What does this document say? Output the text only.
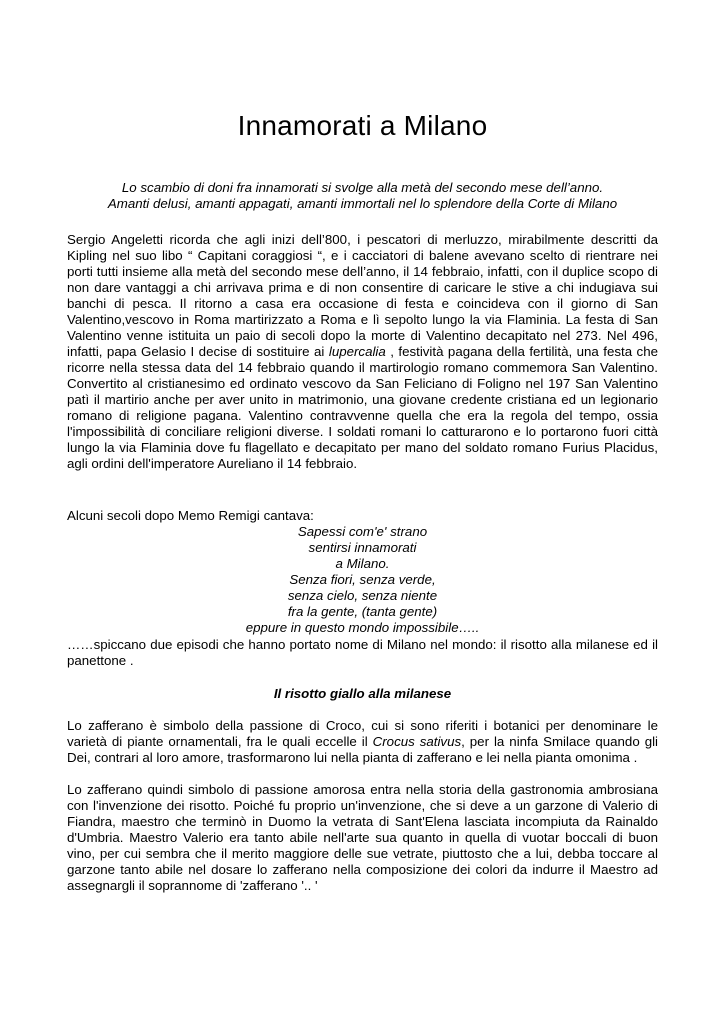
Innamorati a Milano

Lo scambio di doni fra innamorati si svolge alla metà del secondo mese dell’anno.
Amanti delusi, amanti appagati, amanti immortali nel lo splendore della Corte di Milano

Sergio Angeletti ricorda che agli inizi dell’800, i pescatori di merluzzo, mirabilmente descritti da Kipling nel suo libo “ Capitani coraggiosi “, e i cacciatori di balene avevano scelto di rientrare nei porti tutti insieme alla metà del secondo mese dell’anno, il 14 febbraio, infatti, con il duplice scopo di non dare vantaggi a chi arrivava prima e di non consentire di caricare le stive a chi indugiava sui banchi di pesca. Il ritorno a casa era occasione di festa e coincideva con il giorno di San Valentino,vescovo in Roma martirizzato a Roma e lì sepolto lungo la via Flaminia. La festa di San Valentino venne istituita un paio di secoli dopo la morte di Valentino decapitato nel 273. Nel 496, infatti, papa Gelasio I decise di sostituire ai lupercalia , festività pagana della fertilità, una festa che ricorre nella stessa data del 14 febbraio quando il martirologio romano commemora San Valentino. Convertito al cristianesimo ed ordinato vescovo da San Feliciano di Foligno nel 197 San Valentino patì il martirio anche per aver unito in matrimonio, una giovane credente cristiana ed un legionario romano di religione pagana. Valentino contravvenne quella che era la regola del tempo, ossia l'impossibilità di conciliare religioni diverse. I soldati romani lo catturarono e lo portarono fuori città lungo la via Flaminia dove fu flagellato e decapitato per mano del soldato romano Furius Placidus, agli ordini dell'imperatore Aureliano il 14 febbraio.

Alcuni secoli dopo Memo Remigi cantava:

Sapessi com'e' strano
sentirsi innamorati
a Milano.
Senza fiori, senza verde,
senza cielo, senza niente
fra la gente, (tanta gente)
eppure in questo mondo impossibile…..

……spiccano due episodi che hanno portato nome di Milano nel mondo: il risotto alla milanese ed il panettone .

Il risotto giallo alla milanese

Lo zafferano è simbolo della passione di Croco, cui si sono riferiti i botanici per denominare le varietà di piante ornamentali, fra le quali eccelle il Crocus sativus, per la ninfa Smilace quando gli Dei, contrari al loro amore, trasformarono lui nella pianta di zafferano e lei nella pianta omonima .

Lo zafferano quindi simbolo di passione amorosa entra nella storia della gastronomia ambrosiana con l'invenzione dei risotto. Poiché fu proprio un'invenzione, che si deve a un garzone di Valerio di Fiandra, maestro che terminò in Duomo la vetrata di Sant'Elena lasciata incompiuta da Rainaldo d'Umbria. Maestro Valerio era tanto abile nell'arte sua quanto in quella di vuotar boccali di buon vino, per cui sembra che il merito maggiore delle sue vetrate, piuttosto che a lui, debba toccare al garzone tanto abile nel dosare lo zafferano nella composizione dei colori da indurre il Maestro ad assegnargli il soprannome di 'zafferano '.. '
